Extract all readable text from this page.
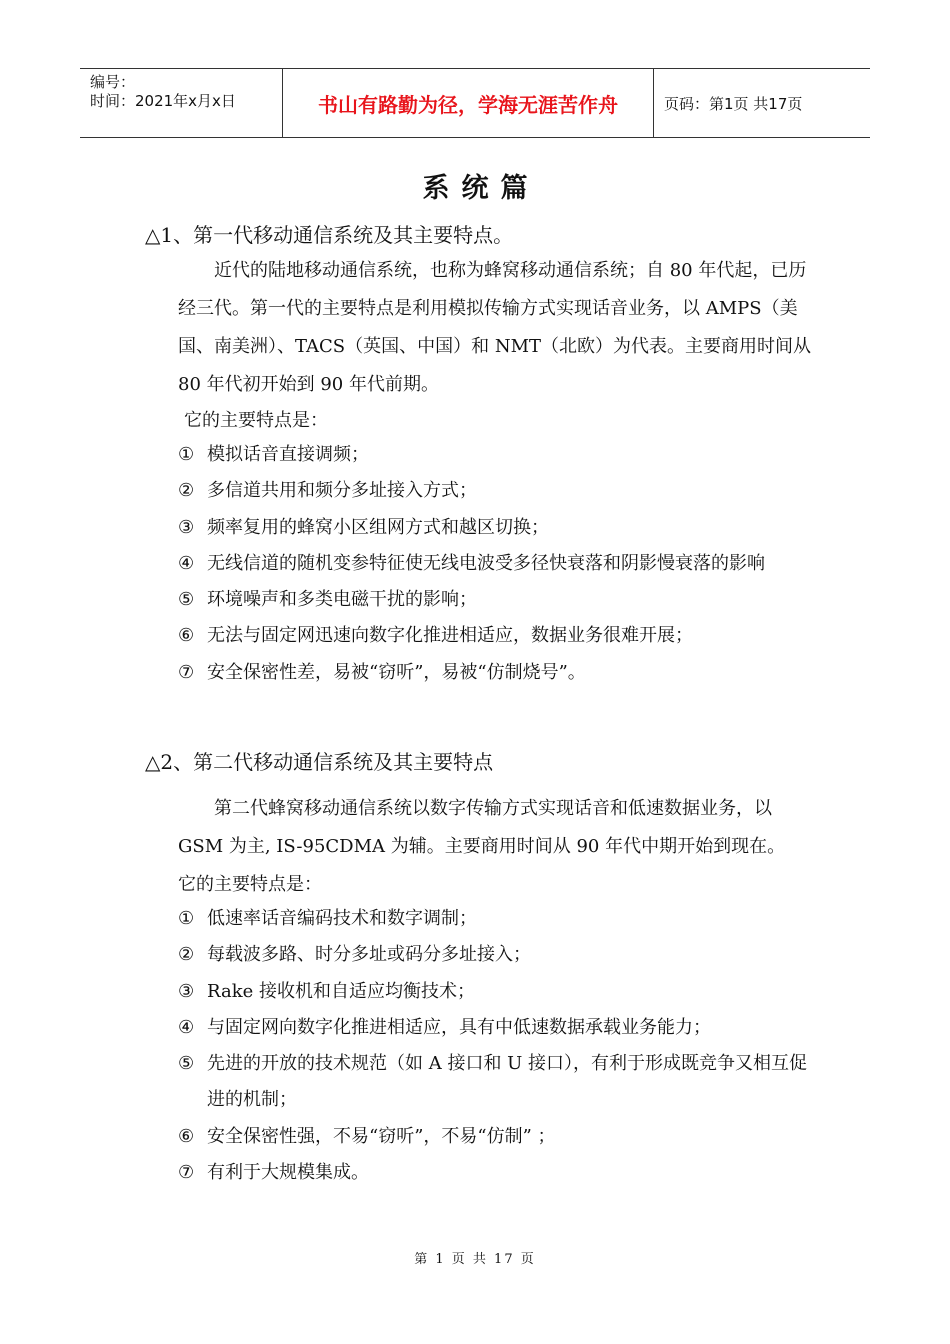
编号：
时间：2021年x月x日	书山有路勤为径，学海无涯苦作舟	页码：第1页 共17页
系统篇
△1、第一代移动通信系统及其主要特点。
近代的陆地移动通信系统，也称为蜂窝移动通信系统；自 80 年代起，已历经三代。第一代的主要特点是利用模拟传输方式实现话音业务，以 AMPS（美国、南美洲）、TACS（英国、中国）和 NMT（北欧）为代表。主要商用时间从 80 年代初开始到 90 年代前期。
它的主要特点是：
① 模拟话音直接调频；
② 多信道共用和频分多址接入方式；
③ 频率复用的蜂窝小区组网方式和越区切换；
④ 无线信道的随机变参特征使无线电波受多径快衰落和阴影慢衰落的影响
⑤ 环境噪声和多类电磁干扰的影响；
⑥ 无法与固定网迅速向数字化推进相适应，数据业务很难开展；
⑦ 安全保密性差，易被“窃听”，易被“仿制烧号”。
△2、第二代移动通信系统及其主要特点
第二代蜂窝移动通信系统以数字传输方式实现话音和低速数据业务，以 GSM 为主, IS-95CDMA 为辅。主要商用时间从 90 年代中期开始到现在。
它的主要特点是：
① 低速率话音编码技术和数字调制；
② 每载波多路、时分多址或码分多址接入；
③ Rake 接收机和自适应均衡技术；
④ 与固定网向数字化推进相适应，具有中低速数据承载业务能力；
⑤ 先进的开放的技术规范（如 A 接口和 U 接口），有利于形成既竞争又相互促进的机制；
⑥ 安全保密性强，不易“窃听”，不易“仿制” ；
⑦ 有利于大规模集成。
第 1 页 共 17 页
